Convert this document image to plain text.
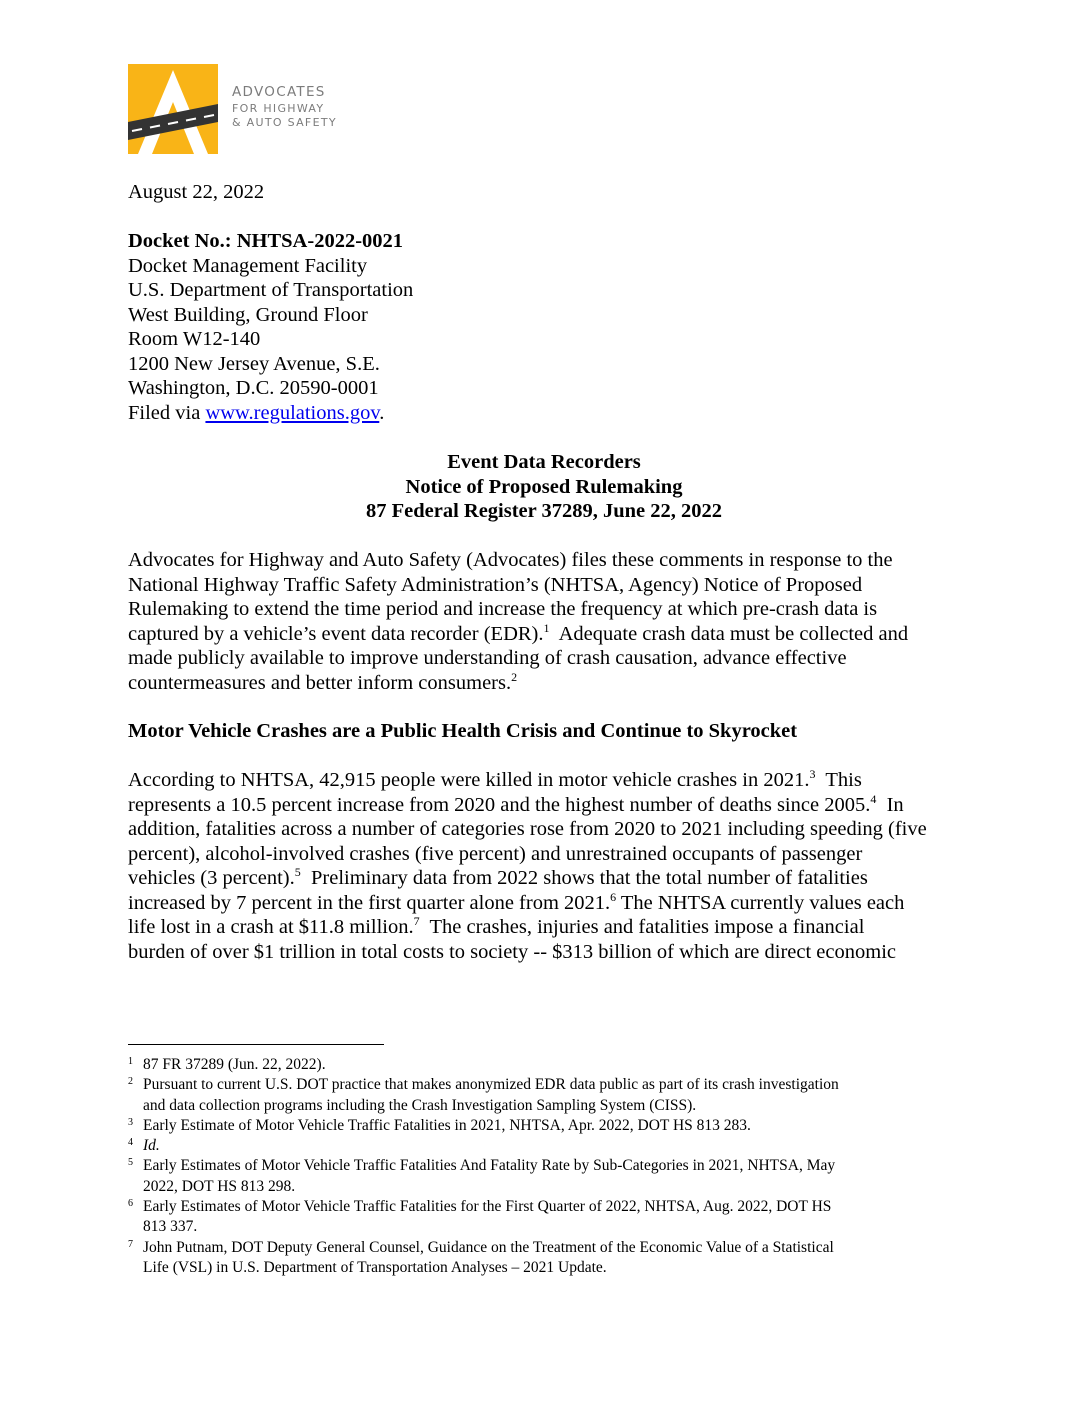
ADVOCATES
FOR HIGHWAY
& AUTO SAFETY
August 22, 2022
Docket No.: NHTSA-2022-0021
Docket Management Facility
U.S. Department of Transportation
West Building, Ground Floor
Room W12-140
1200 New Jersey Avenue, S.E.
Washington, D.C. 20590-0001
Filed via www.regulations.gov.
Event Data Recorders
Notice of Proposed Rulemaking
87 Federal Register 37289, June 22, 2022
Advocates for Highway and Auto Safety (Advocates) files these comments in response to the
National Highway Traffic Safety Administration’s (NHTSA, Agency) Notice of Proposed
Rulemaking to extend the time period and increase the frequency at which pre-crash data is
captured by a vehicle’s event data recorder (EDR).$^1$  Adequate crash data must be collected and
made publicly available to improve understanding of crash causation, advance effective
countermeasures and better inform consumers.$^2$
Motor Vehicle Crashes are a Public Health Crisis and Continue to Skyrocket
According to NHTSA, 42,915 people were killed in motor vehicle crashes in 2021.$^3$  This
represents a 10.5 percent increase from 2020 and the highest number of deaths since 2005.$^4$  In
addition, fatalities across a number of categories rose from 2020 to 2021 including speeding (five
percent), alcohol-involved crashes (five percent) and unrestrained occupants of passenger
vehicles (3 percent).$^5$  Preliminary data from 2022 shows that the total number of fatalities
increased by 7 percent in the first quarter alone from 2021.$^6$ The NHTSA currently values each
life lost in a crash at $11.8 million.$^7$  The crashes, injuries and fatalities impose a financial
burden of over $1 trillion in total costs to society -- $313 billion of which are direct economic
1 87 FR 37289 (Jun. 22, 2022).
2 Pursuant to current U.S. DOT practice that makes anonymized EDR data public as part of its crash investigation
and data collection programs including the Crash Investigation Sampling System (CISS).
3 Early Estimate of Motor Vehicle Traffic Fatalities in 2021, NHTSA, Apr. 2022, DOT HS 813 283.
4 Id.
5 Early Estimates of Motor Vehicle Traffic Fatalities And Fatality Rate by Sub-Categories in 2021, NHTSA, May
2022, DOT HS 813 298.
6 Early Estimates of Motor Vehicle Traffic Fatalities for the First Quarter of 2022, NHTSA, Aug. 2022, DOT HS
813 337.
7 John Putnam, DOT Deputy General Counsel, Guidance on the Treatment of the Economic Value of a Statistical
Life (VSL) in U.S. Department of Transportation Analyses – 2021 Update.
